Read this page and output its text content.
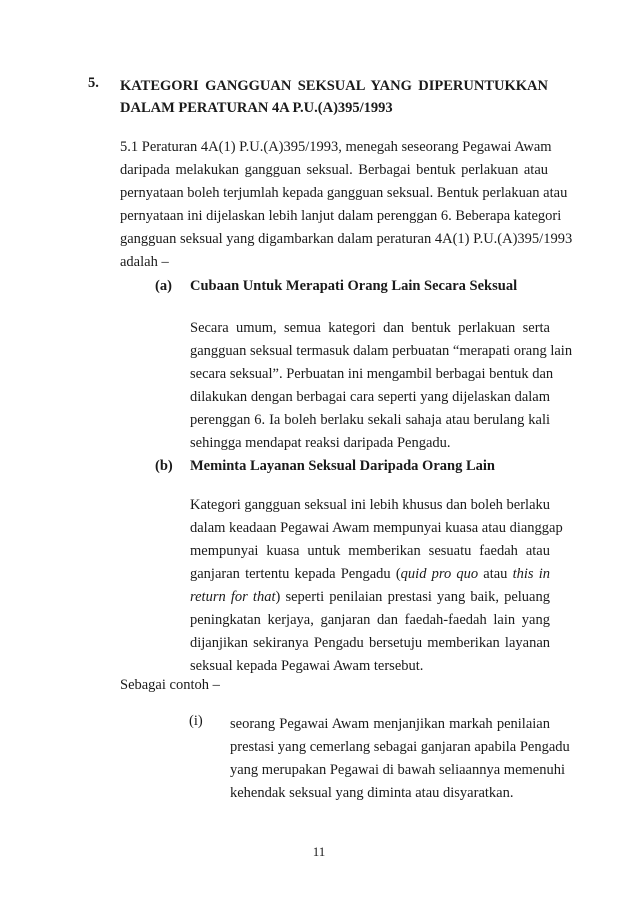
5. KATEGORI GANGGUAN SEKSUAL YANG DIPERUNTUKKAN
DALAM PERATURAN 4A P.U.(A)395/1993
5.1 Peraturan 4A(1) P.U.(A)395/1993, menegah seseorang Pegawai Awam
daripada melakukan gangguan seksual. Berbagai bentuk perlakuan atau
pernyataan boleh terjumlah kepada gangguan seksual. Bentuk perlakuan atau
pernyataan ini dijelaskan lebih lanjut dalam perenggan 6. Beberapa kategori
gangguan seksual yang digambarkan dalam peraturan 4A(1) P.U.(A)395/1993
adalah –
(a) Cubaan Untuk Merapati Orang Lain Secara Seksual
Secara umum, semua kategori dan bentuk perlakuan serta
gangguan seksual termasuk dalam perbuatan “merapati orang lain
secara seksual”. Perbuatan ini mengambil berbagai bentuk dan
dilakukan dengan berbagai cara seperti yang dijelaskan dalam
perenggan 6. Ia boleh berlaku sekali sahaja atau berulang kali
sehingga mendapat reaksi daripada Pengadu.
(b) Meminta Layanan Seksual Daripada Orang Lain
Kategori gangguan seksual ini lebih khusus dan boleh berlaku
dalam keadaan Pegawai Awam mempunyai kuasa atau dianggap
mempunyai kuasa untuk memberikan sesuatu faedah atau
ganjaran tertentu kepada Pengadu (quid pro quo atau this in
return for that) seperti penilaian prestasi yang baik, peluang
peningkatan kerjaya, ganjaran dan faedah-faedah lain yang
dijanjikan sekiranya Pengadu bersetuju memberikan layanan
seksual kepada Pegawai Awam tersebut.
Sebagai contoh –
(i) seorang Pegawai Awam menjanjikan markah penilaian
prestasi yang cemerlang sebagai ganjaran apabila Pengadu
yang merupakan Pegawai di bawah seliaannya memenuhi
kehendak seksual yang diminta atau disyaratkan.
11
